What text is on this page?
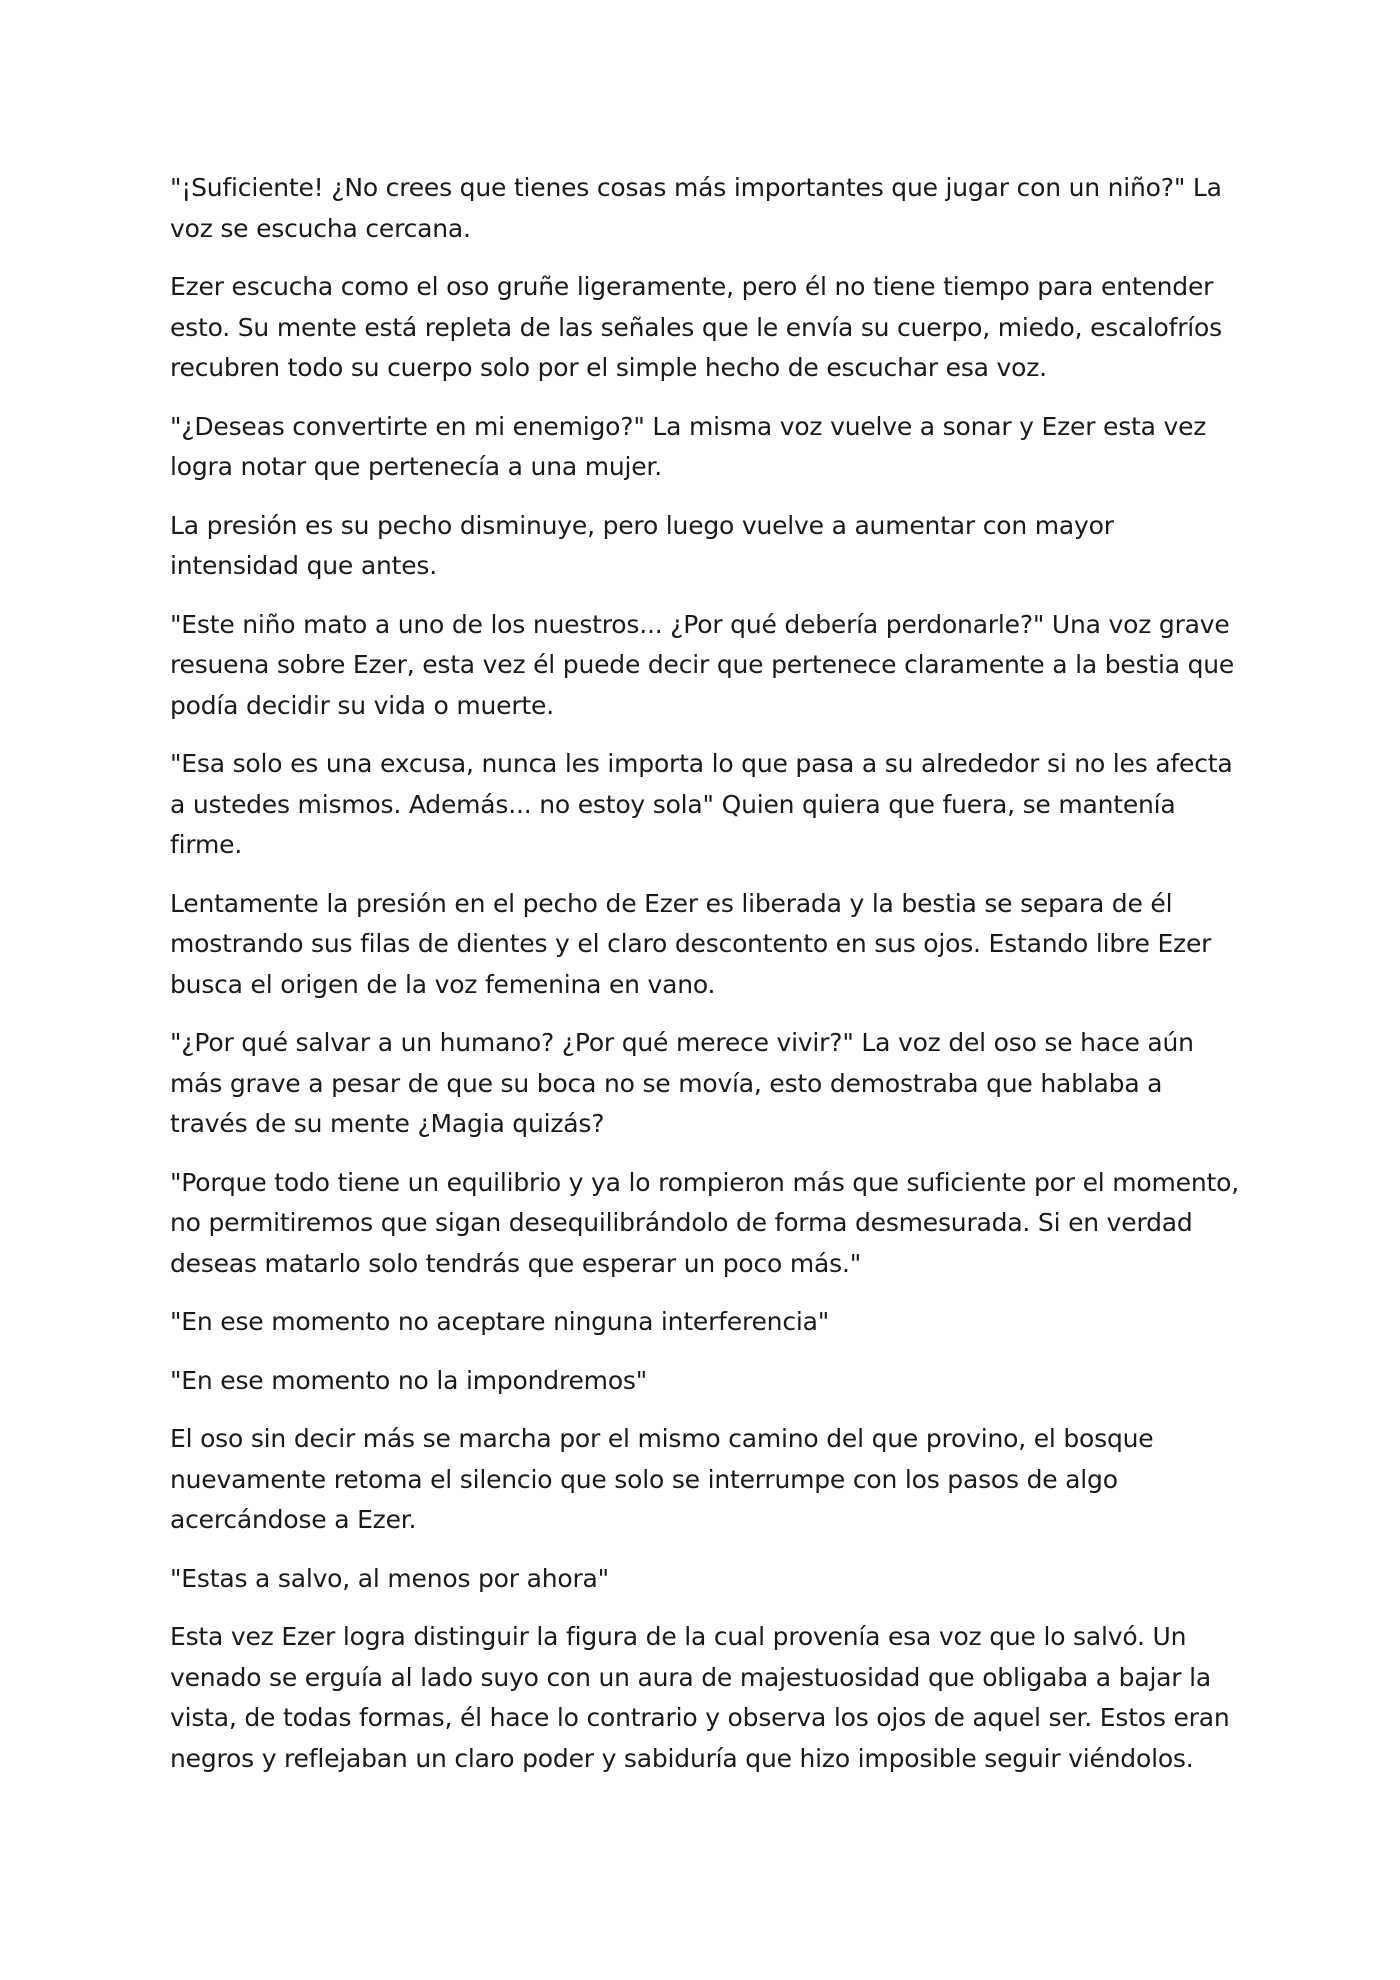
"¡Suficiente! ¿No crees que tienes cosas más importantes que jugar con un niño?" La voz se escucha cercana.

Ezer escucha como el oso gruñe ligeramente, pero él no tiene tiempo para entender esto. Su mente está repleta de las señales que le envía su cuerpo, miedo, escalofríos recubren todo su cuerpo solo por el simple hecho de escuchar esa voz.

"¿Deseas convertirte en mi enemigo?" La misma voz vuelve a sonar y Ezer esta vez logra notar que pertenecía a una mujer.

La presión es su pecho disminuye, pero luego vuelve a aumentar con mayor intensidad que antes.

"Este niño mato a uno de los nuestros... ¿Por qué debería perdonarle?" Una voz grave resuena sobre Ezer, esta vez él puede decir que pertenece claramente a la bestia que podía decidir su vida o muerte.

"Esa solo es una excusa, nunca les importa lo que pasa a su alrededor si no les afecta a ustedes mismos. Además... no estoy sola" Quien quiera que fuera, se mantenía firme.

Lentamente la presión en el pecho de Ezer es liberada y la bestia se separa de él mostrando sus filas de dientes y el claro descontento en sus ojos. Estando libre Ezer busca el origen de la voz femenina en vano.

"¿Por qué salvar a un humano? ¿Por qué merece vivir?" La voz del oso se hace aún más grave a pesar de que su boca no se movía, esto demostraba que hablaba a través de su mente ¿Magia quizás?

"Porque todo tiene un equilibrio y ya lo rompieron más que suficiente por el momento, no permitiremos que sigan desequilibrándolo de forma desmesurada. Si en verdad deseas matarlo solo tendrás que esperar un poco más."

"En ese momento no aceptare ninguna interferencia"

"En ese momento no la impondremos"

El oso sin decir más se marcha por el mismo camino del que provino, el bosque nuevamente retoma el silencio que solo se interrumpe con los pasos de algo acercándose a Ezer.

"Estas a salvo, al menos por ahora"

Esta vez Ezer logra distinguir la figura de la cual provenía esa voz que lo salvó. Un venado se erguía al lado suyo con un aura de majestuosidad que obligaba a bajar la vista, de todas formas, él hace lo contrario y observa los ojos de aquel ser. Estos eran negros y reflejaban un claro poder y sabiduría que hizo imposible seguir viéndolos.
